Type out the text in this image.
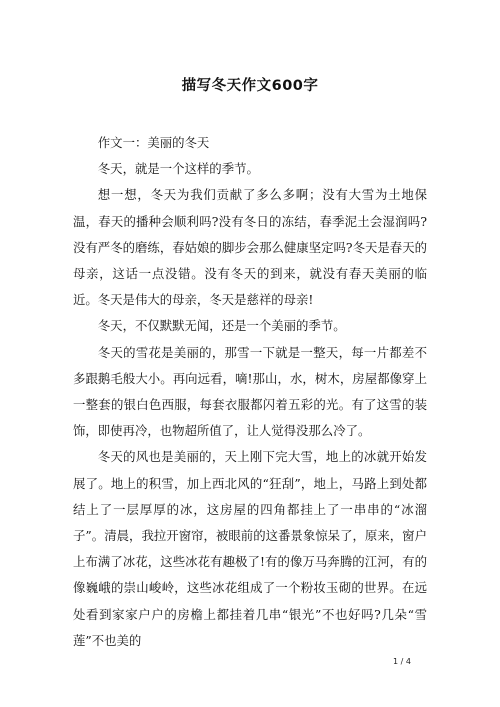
描写冬天作文600字

作文一：美丽的冬天

冬天，就是一个这样的季节。

想一想，冬天为我们贡献了多么多啊；没有大雪为土地保温，春天的播种会顺利吗?没有冬日的冻结，春季泥土会湿润吗?没有严冬的磨练，春姑娘的脚步会那么健康坚定吗?冬天是春天的母亲，这话一点没错。没有冬天的到来，就没有春天美丽的临近。冬天是伟大的母亲，冬天是慈祥的母亲!

冬天，不仅默默无闻，还是一个美丽的季节。

冬天的雪花是美丽的，那雪一下就是一整天，每一片都差不多跟鹅毛般大小。再向远看，嘀!那山，水，树木，房屋都像穿上一整套的银白色西服，每套衣服都闪着五彩的光。有了这雪的装饰，即使再冷，也物超所值了，让人觉得没那么冷了。

冬天的风也是美丽的，天上刚下完大雪，地上的冰就开始发展了。地上的积雪，加上西北风的“狂刮”，地上，马路上到处都结上了一层厚厚的冰，这房屋的四角都挂上了一串串的“冰溜子”。清晨，我拉开窗帘，被眼前的这番景象惊呆了，原来，窗户上布满了冰花，这些冰花有趣极了!有的像万马奔腾的江河，有的像巍峨的崇山峻岭，这些冰花组成了一个粉妆玉砌的世界。在远处看到家家户户的房檐上都挂着几串“银光”不也好吗?几朵“雪莲”不也美的

1 / 4
